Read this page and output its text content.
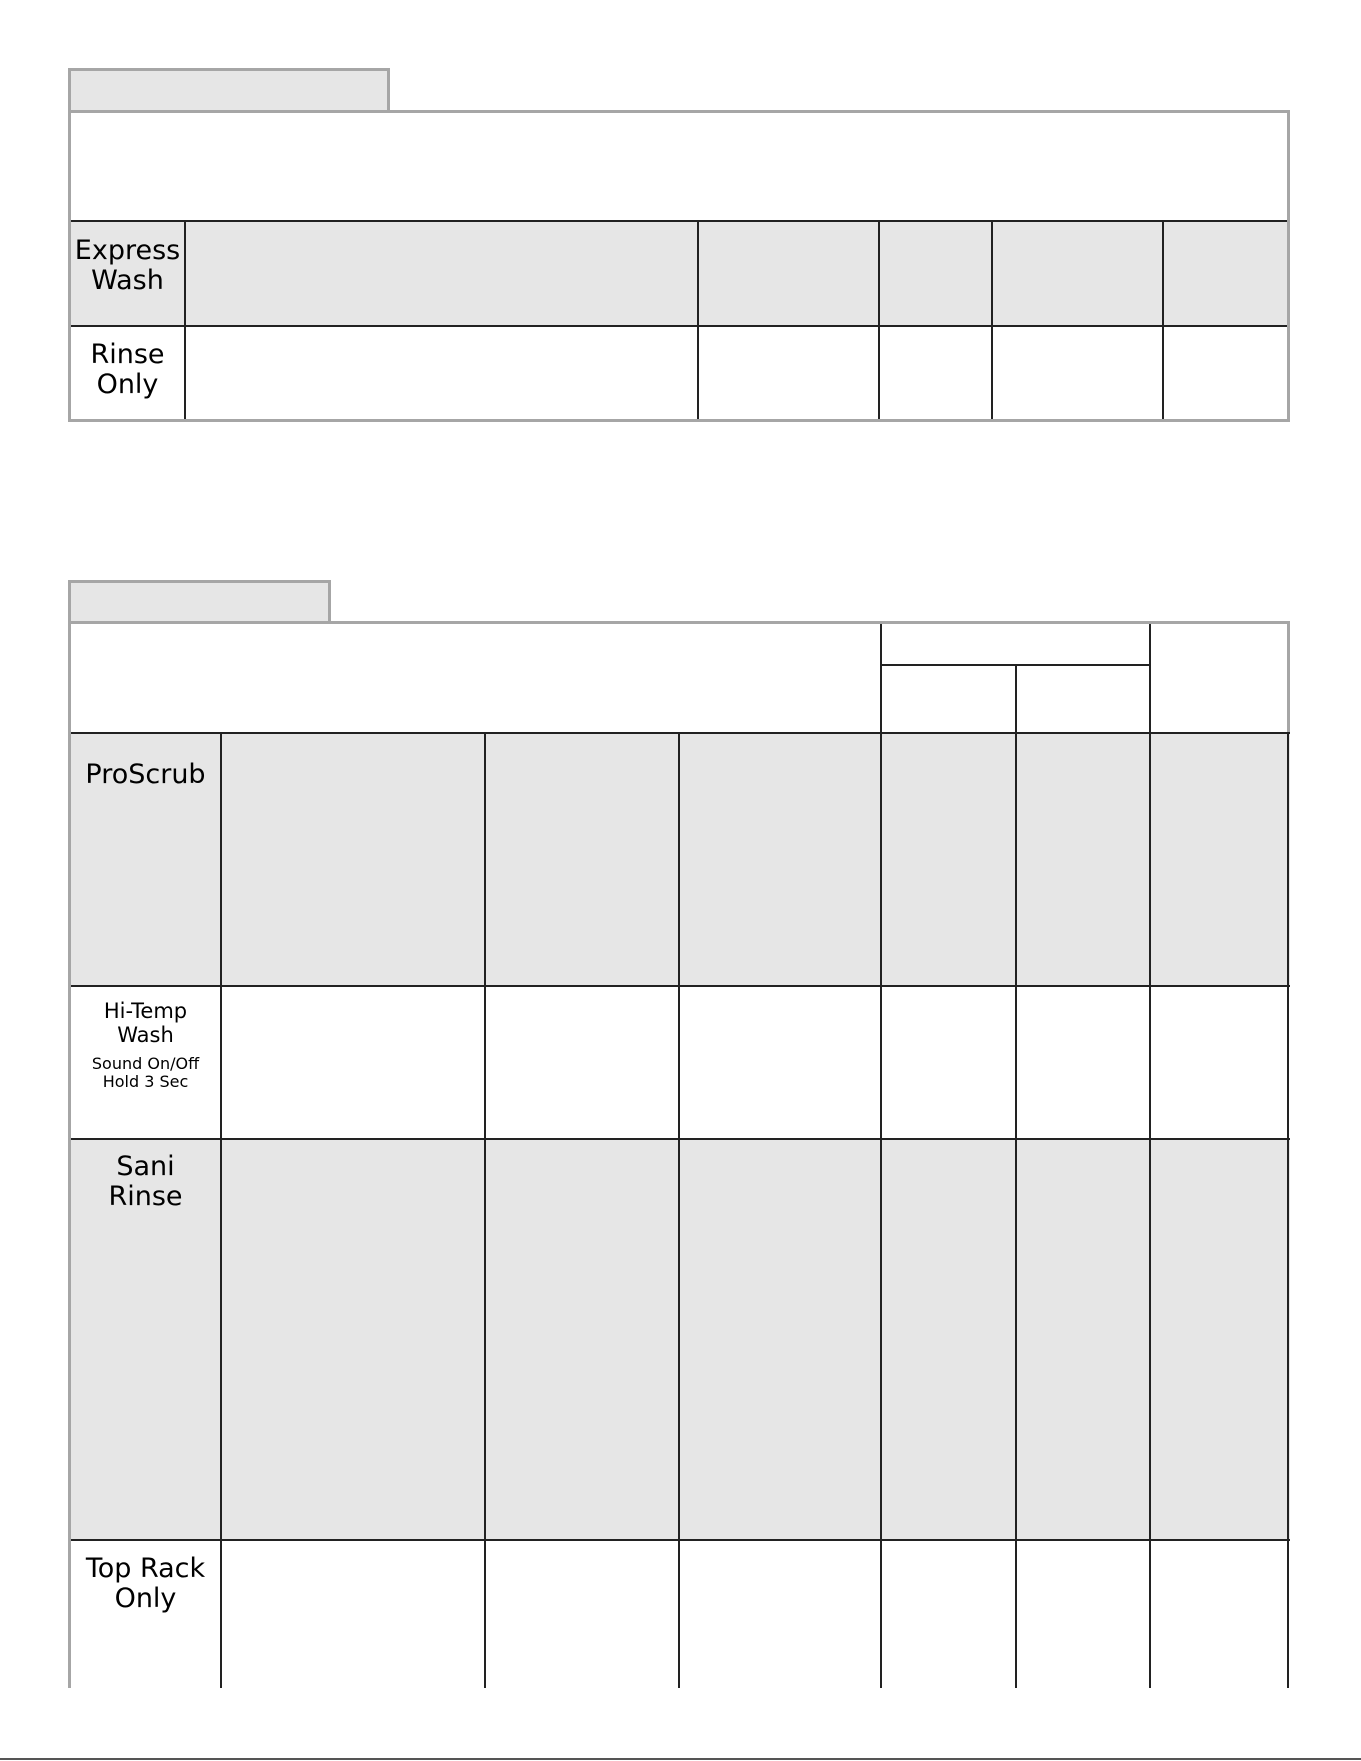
Express
Wash
Rinse
Only
ProScrub
Hi-Temp
Wash
Sound On/Off
Hold 3 Sec
Sani
Rinse
Top Rack
Only
